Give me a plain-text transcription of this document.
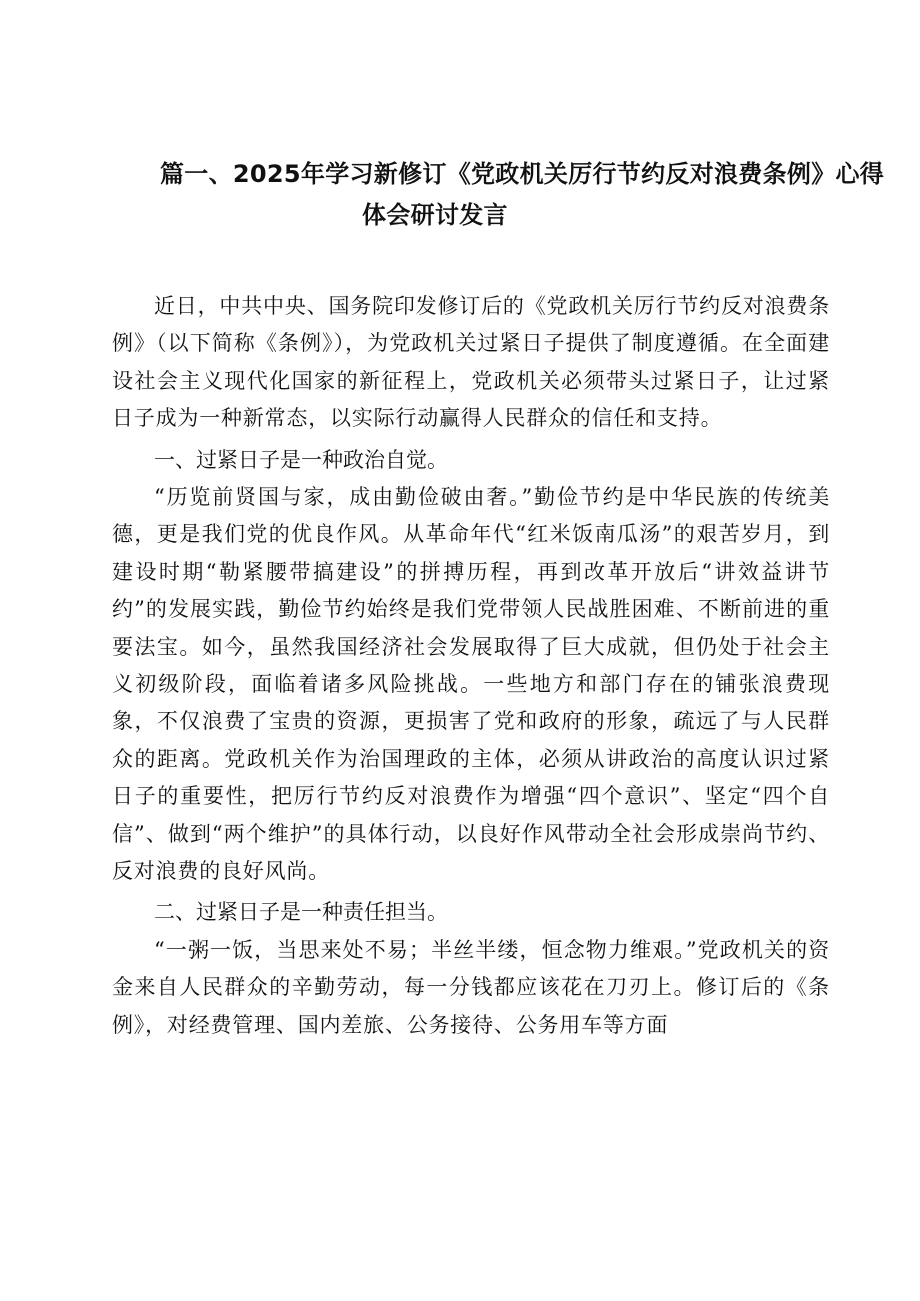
篇一、2025年学习新修订《党政机关厉行节约反对浪费条例》心得
体会研讨发言

近日，中共中央、国务院印发修订后的《党政机关厉行节约反对浪费条例》（以下简称《条例》），为党政机关过紧日子提供了制度遵循。在全面建设社会主义现代化国家的新征程上，党政机关必须带头过紧日子，让过紧日子成为一种新常态，以实际行动赢得人民群众的信任和支持。

一、过紧日子是一种政治自觉。

“历览前贤国与家，成由勤俭破由奢。”勤俭节约是中华民族的传统美德，更是我们党的优良作风。从革命年代“红米饭南瓜汤”的艰苦岁月，到建设时期“勒紧腰带搞建设”的拼搏历程，再到改革开放后“讲效益讲节约”的发展实践，勤俭节约始终是我们党带领人民战胜困难、不断前进的重要法宝。如今，虽然我国经济社会发展取得了巨大成就，但仍处于社会主义初级阶段，面临着诸多风险挑战。一些地方和部门存在的铺张浪费现象，不仅浪费了宝贵的资源，更损害了党和政府的形象，疏远了与人民群众的距离。党政机关作为治国理政的主体，必须从讲政治的高度认识过紧日子的重要性，把厉行节约反对浪费作为增强“四个意识”、坚定“四个自信”、做到“两个维护”的具体行动，以良好作风带动全社会形成崇尚节约、反对浪费的良好风尚。

二、过紧日子是一种责任担当。

“一粥一饭，当思来处不易；半丝半缕，恒念物力维艰。”党政机关的资金来自人民群众的辛勤劳动，每一分钱都应该花在刀刃上。修订后的《条例》，对经费管理、国内差旅、公务接待、公务用车等方面
